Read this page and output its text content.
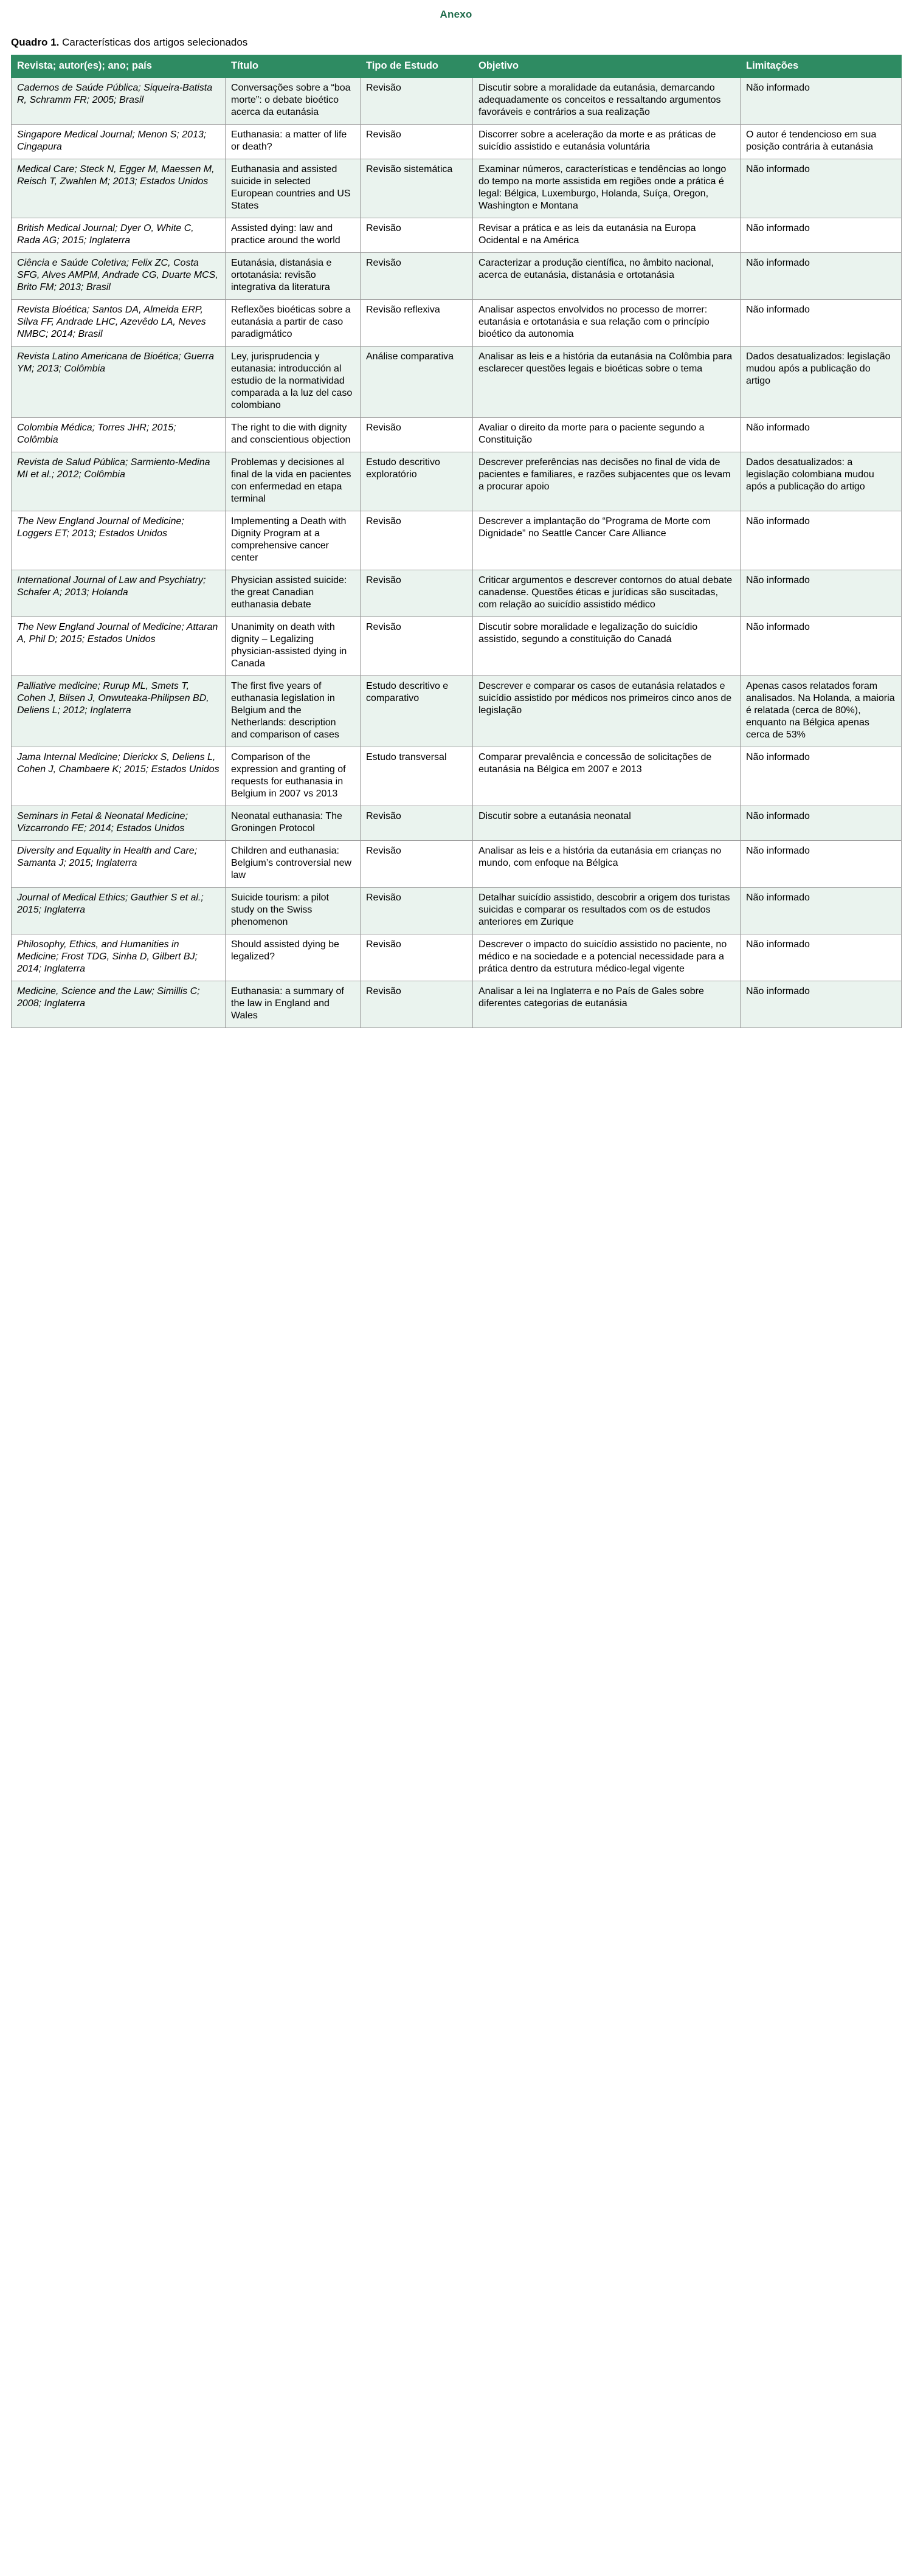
Anexo
Quadro 1. Características dos artigos selecionados
Revista; autor(es); ano; país	Título	Tipo de Estudo	Objetivo	Limitações
Cadernos de Saúde Pública; Siqueira-Batista R, Schramm FR; 2005; Brasil	Conversações sobre a “boa morte”: o debate bioético acerca da eutanásia	Revisão	Discutir sobre a moralidade da eutanásia, demarcando adequadamente os conceitos e ressaltando argumentos favoráveis e contrários a sua realização	Não informado
Singapore Medical Journal; Menon S; 2013; Cingapura	Euthanasia: a matter of life or death?	Revisão	Discorrer sobre a aceleração da morte e as práticas de suicídio assistido e eutanásia voluntária	O autor é tendencioso em sua posição contrária à eutanásia
Medical Care; Steck N, Egger M, Maessen M, Reisch T, Zwahlen M; 2013; Estados Unidos	Euthanasia and assisted suicide in selected European countries and US States	Revisão sistemática	Examinar números, características e tendências ao longo do tempo na morte assistida em regiões onde a prática é legal: Bélgica, Luxemburgo, Holanda, Suíça, Oregon, Washington e Montana	Não informado
British Medical Journal; Dyer O, White C, Rada AG; 2015; Inglaterra	Assisted dying: law and practice around the world	Revisão	Revisar a prática e as leis da eutanásia na Europa Ocidental e na América	Não informado
Ciência e Saúde Coletiva; Felix ZC, Costa SFG, Alves AMPM, Andrade CG, Duarte MCS, Brito FM; 2013; Brasil	Eutanásia, distanásia e ortotanásia: revisão integrativa da literatura	Revisão	Caracterizar a produção científica, no âmbito nacional, acerca de eutanásia, distanásia e ortotanásia	Não informado
Revista Bioética; Santos DA, Almeida ERP, Silva FF, Andrade LHC, Azevêdo LA, Neves NMBC; 2014; Brasil	Reflexões bioéticas sobre a eutanásia a partir de caso paradigmático	Revisão reflexiva	Analisar aspectos envolvidos no processo de morrer: eutanásia e ortotanásia e sua relação com o princípio bioético da autonomia	Não informado
Revista Latino Americana de Bioética; Guerra YM; 2013; Colômbia	Ley, jurisprudencia y eutanasia: introducción al estudio de la normatividad comparada a la luz del caso colombiano	Análise comparativa	Analisar as leis e a história da eutanásia na Colômbia para esclarecer questões legais e bioéticas sobre o tema	Dados desatualizados: legislação mudou após a publicação do artigo
Colombia Médica; Torres JHR; 2015; Colômbia	The right to die with dignity and conscientious objection	Revisão	Avaliar o direito da morte para o paciente segundo a Constituição	Não informado
Revista de Salud Pública; Sarmiento-Medina MI et al.; 2012; Colômbia	Problemas y decisiones al final de la vida en pacientes con enfermedad en etapa terminal	Estudo descritivo exploratório	Descrever preferências nas decisões no final de vida de pacientes e familiares, e razões subjacentes que os levam a procurar apoio	Dados desatualizados: a legislação colombiana mudou após a publicação do artigo
The New England Journal of Medicine; Loggers ET; 2013; Estados Unidos	Implementing a Death with Dignity Program at a comprehensive cancer center	Revisão	Descrever a implantação do “Programa de Morte com Dignidade” no Seattle Cancer Care Alliance	Não informado
International Journal of Law and Psychiatry; Schafer A; 2013; Holanda	Physician assisted suicide: the great Canadian euthanasia debate	Revisão	Criticar argumentos e descrever contornos do atual debate canadense. Questões éticas e jurídicas são suscitadas, com relação ao suicídio assistido médico	Não informado
The New England Journal of Medicine; Attaran A, Phil D; 2015; Estados Unidos	Unanimity on death with dignity – Legalizing physician-assisted dying in Canada	Revisão	Discutir sobre moralidade e legalização do suicídio assistido, segundo a constituição do Canadá	Não informado
Palliative medicine; Rurup ML, Smets T, Cohen J, Bilsen J, Onwuteaka-Philipsen BD, Deliens L; 2012; Inglaterra	The first five years of euthanasia legislation in Belgium and the Netherlands: description and comparison of cases	Estudo descritivo e comparativo	Descrever e comparar os casos de eutanásia relatados e suicídio assistido por médicos nos primeiros cinco anos de legislação	Apenas casos relatados foram analisados. Na Holanda, a maioria é relatada (cerca de 80%), enquanto na Bélgica apenas cerca de 53%
Jama Internal Medicine; Dierickx S, Deliens L, Cohen J, Chambaere K; 2015; Estados Unidos	Comparison of the expression and granting of requests for euthanasia in Belgium in 2007 vs 2013	Estudo transversal	Comparar prevalência e concessão de solicitações de eutanásia na Bélgica em 2007 e 2013	Não informado
Seminars in Fetal & Neonatal Medicine; Vizcarrondo FE; 2014; Estados Unidos	Neonatal euthanasia: The Groningen Protocol	Revisão	Discutir sobre a eutanásia neonatal	Não informado
Diversity and Equality in Health and Care; Samanta J; 2015; Inglaterra	Children and euthanasia: Belgium’s controversial new law	Revisão	Analisar as leis e a história da eutanásia em crianças no mundo, com enfoque na Bélgica	Não informado
Journal of Medical Ethics; Gauthier S et al.; 2015; Inglaterra	Suicide tourism: a pilot study on the Swiss phenomenon	Revisão	Detalhar suicídio assistido, descobrir a origem dos turistas suicidas e comparar os resultados com os de estudos anteriores em Zurique	Não informado
Philosophy, Ethics, and Humanities in Medicine; Frost TDG, Sinha D, Gilbert BJ; 2014; Inglaterra	Should assisted dying be legalized?	Revisão	Descrever o impacto do suicídio assistido no paciente, no médico e na sociedade e a potencial necessidade para a prática dentro da estrutura médico-legal vigente	Não informado
Medicine, Science and the Law; Simillis C; 2008; Inglaterra	Euthanasia: a summary of the law in England and Wales	Revisão	Analisar a lei na Inglaterra e no País de Gales sobre diferentes categorias de eutanásia	Não informado
